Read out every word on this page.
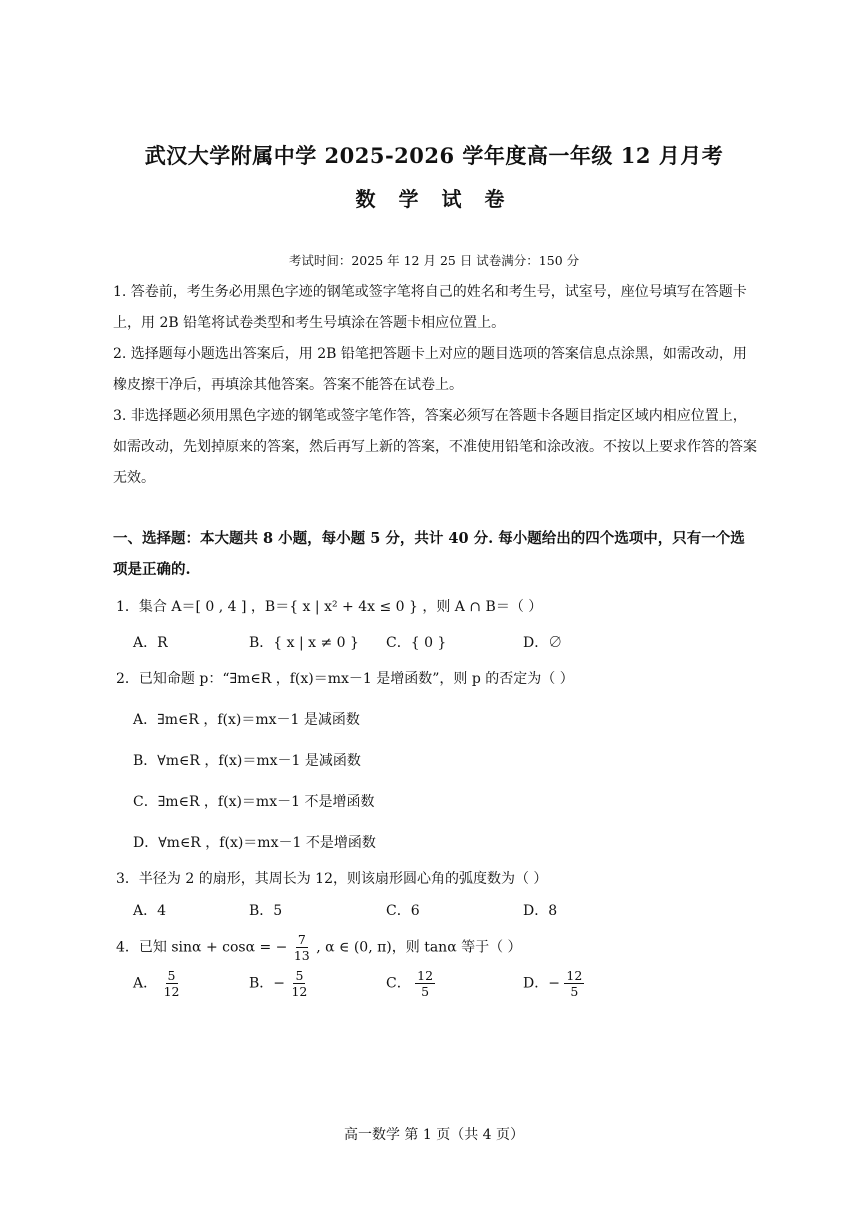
武汉大学附属中学 2025-2026 学年度高一年级 12 月月考
数 学 试 卷
考试时间：2025 年 12 月 25 日 试卷满分：150 分
1. 答卷前，考生务必用黑色字迹的钢笔或签字笔将自己的姓名和考生号，试室号，座位号填写在答题卡上，用 2B 铅笔将试卷类型和考生号填涂在答题卡相应位置上。
2. 选择题每小题选出答案后，用 2B 铅笔把答题卡上对应的题目选项的答案信息点涂黑，如需改动，用橡皮擦干净后，再填涂其他答案。答案不能答在试卷上。
3. 非选择题必须用黑色字迹的钢笔或签字笔作答，答案必须写在答题卡各题目指定区域内相应位置上，如需改动，先划掉原来的答案，然后再写上新的答案，不准使用铅笔和涂改液。不按以上要求作答的答案无效。
一、选择题：本大题共 8 小题，每小题 5 分，共计 40 分. 每小题给出的四个选项中，只有一个选项是正确的.
1．集合 A＝[ 0 , 4 ] ，B＝{ x | x² + 4x ≤ 0 } ，则 A ∩ B＝（ ）
A．R	B．{ x | x ≠ 0 } C．{ 0 }	D．∅
2．已知命题 p：“∃m∈R ，f(x)＝mx－1 是增函数”，则 p 的否定为（ ）
A．∃m∈R ，f(x)＝mx－1 是减函数
B．∀m∈R ，f(x)＝mx－1 是减函数
C．∃m∈R ，f(x)＝mx－1 不是增函数
D．∀m∈R ，f(x)＝mx－1 不是增函数
3．半径为 2 的扇形，其周长为 12，则该扇形圆心角的弧度数为（ ）
A．4	B．5	C．6	D．8
4．已知 sinα + cosα = − $\frac{7}{13}$ , α ∈ (0, π)，则 tanα 等于（ ）
A． $\frac{5}{12}$	B．− $\frac{5}{12}$	C． $\frac{12}{5}$	D．− $\frac{12}{5}$
高一数学 第 1 页（共 4 页）
